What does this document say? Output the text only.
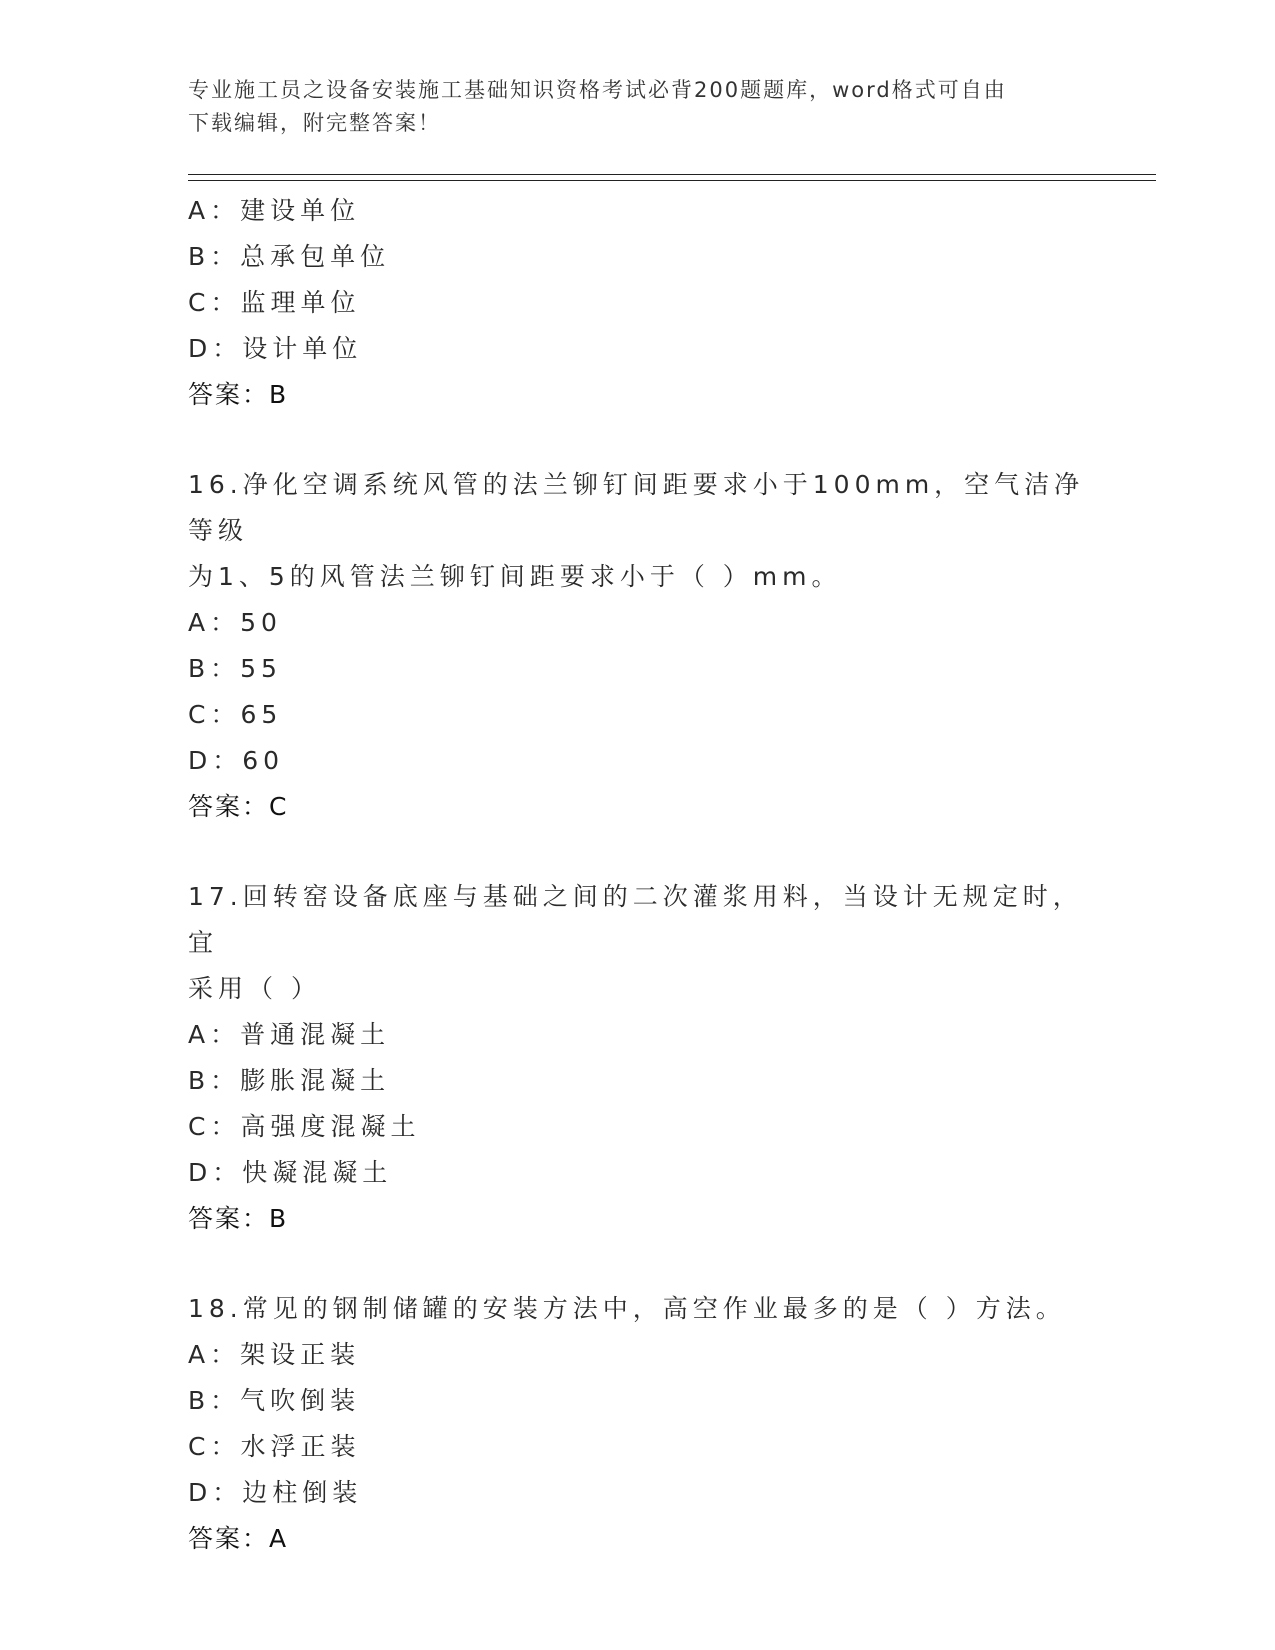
专业施工员之设备安装施工基础知识资格考试必背200题题库，word格式可自由
下载编辑，附完整答案！
A：建设单位
B：总承包单位
C：监理单位
D：设计单位
答案：B
16.净化空调系统风管的法兰铆钉间距要求小于100mm，空气洁净等级
为1、5的风管法兰铆钉间距要求小于（ ）mm。
A：50
B：55
C：65
D：60
答案：C
17.回转窑设备底座与基础之间的二次灌浆用料，当设计无规定时，宜
采用（ ）
A：普通混凝土
B：膨胀混凝土
C：高强度混凝土
D：快凝混凝土
答案：B
18.常见的钢制储罐的安装方法中，高空作业最多的是（ ）方法。
A：架设正装
B：气吹倒装
C：水浮正装
D：边柱倒装
答案：A
